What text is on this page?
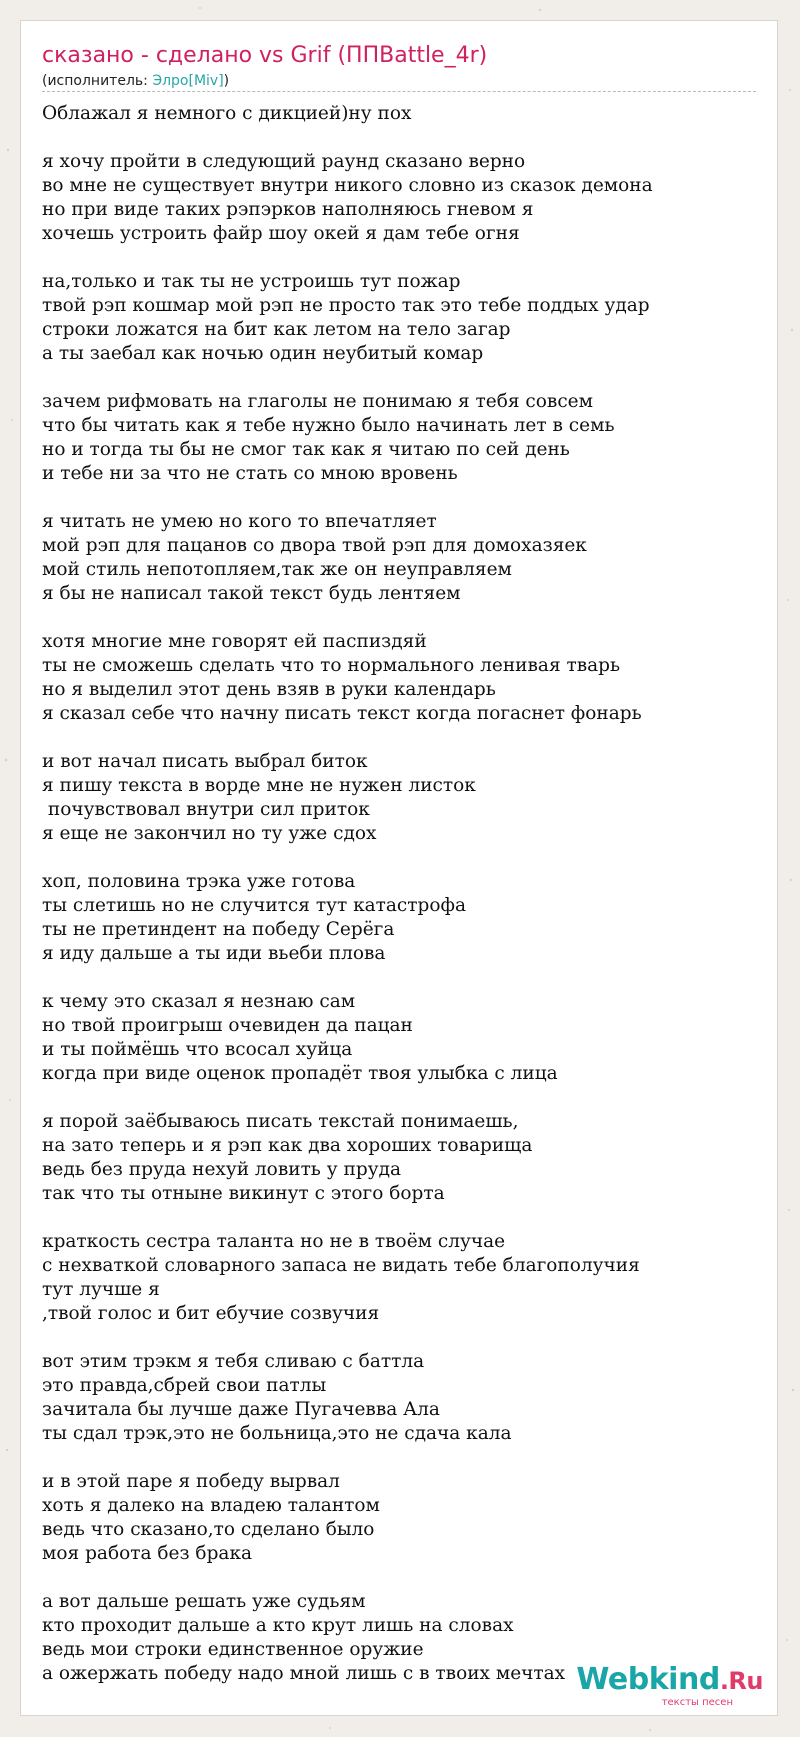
сказано - сделано vs Grif (ППBattle_4r)
(исполнитель: Элро[Miv])
Облажал я немного с дикцией)ну пох
я хочу пройти в следующий раунд сказано верно
во мне не существует внутри никого словно из сказок демона
но при виде таких рэпэрков наполняюсь гневом я
хочешь устроить файр шоу окей я дам тебе огня
на,только и так ты не устроишь тут пожар
твой рэп кошмар мой рэп не просто так это тебе поддых удар
строки ложатся на бит как летом на тело загар
а ты заебал как ночью один неубитый комар
зачем рифмовать на глаголы не понимаю я тебя совсем
что бы читать как я тебе нужно было начинать лет в семь
но и тогда ты бы не смог так как я читаю по сей день
и тебе ни за что не стать со мною вровень
я читать не умею но кого то впечатляет
мой рэп для пацанов со двора твой рэп для домохазяек
мой стиль непотопляем,так же он неуправляем
я бы не написал такой текст будь лентяем
хотя многие мне говорят ей паспиздяй
ты не сможешь сделать что то нормального ленивая тварь
но я выделил этот день взяв в руки календарь
я сказал себе что начну писать текст когда погаснет фонарь
и вот начал писать выбрал биток
я пишу текста в ворде мне не нужен листок
почувствовал внутри сил приток
я еще не закончил но ту уже сдох
хоп, половина трэка уже готова
ты слетишь но не случится тут катастрофа
ты не претиндент на победу Серёга
я иду дальше а ты иди вьеби плова
к чему это сказал я незнаю сам
но твой проигрыш очевиден да пацан
и ты поймёшь что всосал хуйца
когда при виде оценок пропадёт твоя улыбка с лица
я порой заёбываюсь писать текстай понимаешь,
на зато теперь и я рэп как два хороших товарища
ведь без пруда нехуй ловить у пруда
так что ты отныне викинут с этого борта
краткость сестра таланта но не в твоём случае
с нехваткой словарного запаса не видать тебе благополучия
тут лучше я
,твой голос и бит ебучие созвучия
вот этим трэкм я тебя сливаю с баттла
это правда,сбрей свои патлы
зачитала бы лучше даже Пугачевва Ала
ты сдал трэк,это не больница,это не сдача кала
и в этой паре я победу вырвал
хоть я далеко на владею талантом
ведь что сказано,то сделано было
моя работа без брака
а вот дальше решать уже судьям
кто проходит дальше а кто крут лишь на словах
ведь мои строки единственное оружие
а ожержать победу надо мной лишь с в твоих мечтах Webkind.Ru
тексты песен
